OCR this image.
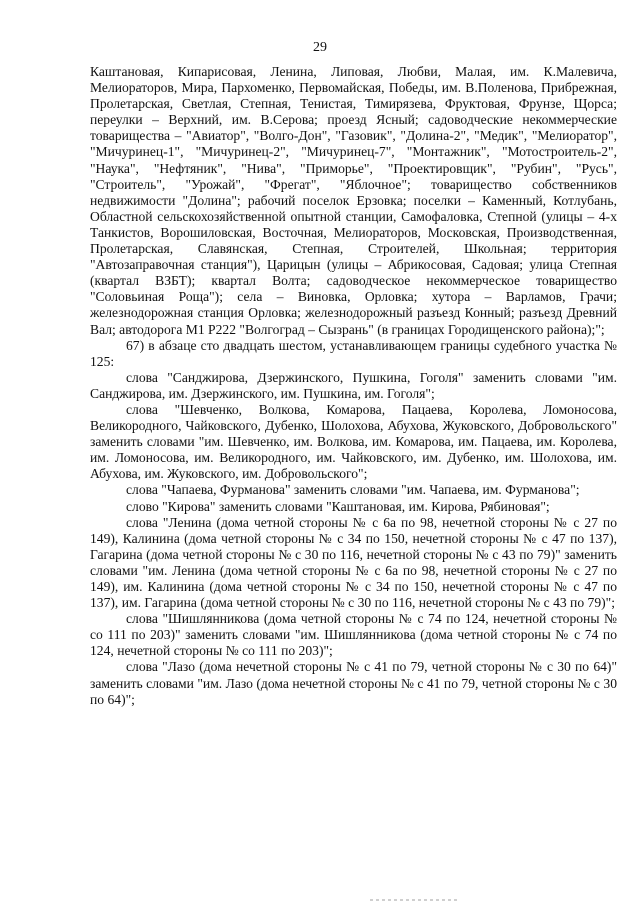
29

Каштановая, Кипарисовая, Ленина, Липовая, Любви, Малая, им. К.Малевича, Мелиораторов, Мира, Пархоменко, Первомайская, Победы, им. В.Поленова, Прибрежная, Пролетарская, Светлая, Степная, Тенистая, Тимирязева, Фруктовая, Фрунзе, Щорса; переулки – Верхний, им. В.Серова; проезд Ясный; садоводческие некоммерческие товарищества – "Авиатор", "Волго-Дон", "Газовик", "Долина-2", "Медик", "Мелиоратор", "Мичуринец-1", "Мичуринец-2", "Мичуринец-7", "Монтажник", "Мотостроитель-2", "Наука", "Нефтяник", "Нива", "Приморье", "Проектировщик", "Рубин", "Русь", "Строитель", "Урожай", "Фрегат", "Яблочное"; товарищество собственников недвижимости "Долина"; рабочий поселок Ерзовка; поселки – Каменный, Котлубань, Областной сельскохозяйственной опытной станции, Самофаловка, Степной (улицы – 4-х Танкистов, Ворошиловская, Восточная, Мелиораторов, Московская, Производственная, Пролетарская, Славянская, Степная, Строителей, Школьная; территория "Автозаправочная станция"), Царицын (улицы – Абрикосовая, Садовая; улица Степная (квартал ВЗБТ); квартал Волта; садоводческое некоммерческое товарищество "Соловьиная Роща"); села – Виновка, Орловка; хутора – Варламов, Грачи; железнодорожная станция Орловка; железнодорожный разъезд Конный; разъезд Древний Вал; автодорога М1 Р222 "Волгоград – Сызрань" (в границах Городищенского района);";

67) в абзаце сто двадцать шестом, устанавливающем границы судебного участка № 125:

слова "Санджирова, Дзержинского, Пушкина, Гоголя" заменить словами "им. Санджирова, им. Дзержинского, им. Пушкина, им. Гоголя";

слова "Шевченко, Волкова, Комарова, Пацаева, Королева, Ломоносова, Великородного, Чайковского, Дубенко, Шолохова, Абухова, Жуковского, Добровольского" заменить словами "им. Шевченко, им. Волкова, им. Комарова, им. Пацаева, им. Королева, им. Ломоносова, им. Великородного, им. Чайковского, им. Дубенко, им. Шолохова, им. Абухова, им. Жуковского, им. Добровольского";

слова "Чапаева, Фурманова" заменить словами "им. Чапаева, им. Фурманова";

слово "Кирова" заменить словами "Каштановая, им. Кирова, Рябиновая";

слова "Ленина (дома четной стороны № с 6а по 98, нечетной стороны № с 27 по 149), Калинина (дома четной стороны № с 34 по 150, нечетной стороны № с 47 по 137), Гагарина (дома четной стороны № с 30 по 116, нечетной стороны № с 43 по 79)" заменить словами "им. Ленина (дома четной стороны № с 6а по 98, нечетной стороны № с 27 по 149), им. Калинина (дома четной стороны № с 34 по 150, нечетной стороны № с 47 по 137), им. Гагарина (дома четной стороны № с 30 по 116, нечетной стороны № с 43 по 79)";

слова "Шишлянникова (дома четной стороны № с 74 по 124, нечетной стороны № со 111 по 203)" заменить словами "им. Шишлянникова (дома четной стороны № с 74 по 124, нечетной стороны № со 111 по 203)";

слова "Лазо (дома нечетной стороны № с 41 по 79, четной стороны № с 30 по 64)" заменить словами "им. Лазо (дома нечетной стороны № с 41 по 79, четной стороны № с 30 по 64)";
